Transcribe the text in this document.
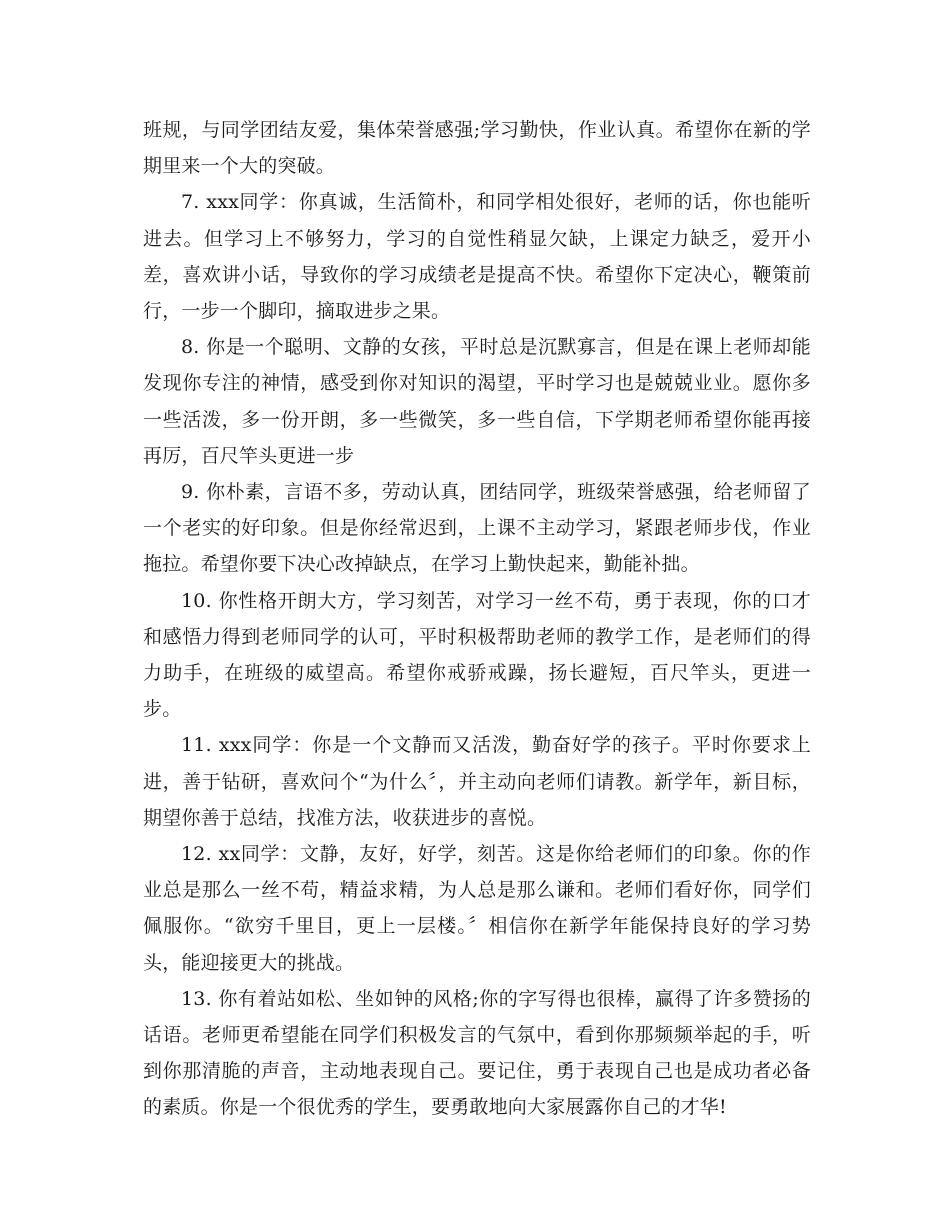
班规，与同学团结友爱，集体荣誉感强;学习勤快，作业认真。希望你在新的学期里来一个大的突破。

7. xxx同学：你真诚，生活简朴，和同学相处很好，老师的话，你也能听进去。但学习上不够努力，学习的自觉性稍显欠缺，上课定力缺乏，爱开小差，喜欢讲小话，导致你的学习成绩老是提高不快。希望你下定决心，鞭策前行，一步一个脚印，摘取进步之果。

8. 你是一个聪明、文静的女孩，平时总是沉默寡言，但是在课上老师却能发现你专注的神情，感受到你对知识的渴望，平时学习也是兢兢业业。愿你多一些活泼，多一份开朗，多一些微笑，多一些自信，下学期老师希望你能再接再厉，百尺竿头更进一步

9. 你朴素，言语不多，劳动认真，团结同学，班级荣誉感强，给老师留了一个老实的好印象。但是你经常迟到，上课不主动学习，紧跟老师步伐，作业拖拉。希望你要下决心改掉缺点，在学习上勤快起来，勤能补拙。

10. 你性格开朗大方，学习刻苦，对学习一丝不苟，勇于表现，你的口才和感悟力得到老师同学的认可，平时积极帮助老师的教学工作，是老师们的得力助手，在班级的威望高。希望你戒骄戒躁，扬长避短，百尺竿头，更进一步。

11. xxx同学：你是一个文静而又活泼，勤奋好学的孩子。平时你要求上进，善于钻研，喜欢问个“为什么〞，并主动向老师们请教。新学年，新目标，期望你善于总结，找准方法，收获进步的喜悦。

12. xx同学：文静，友好，好学，刻苦。这是你给老师们的印象。你的作业总是那么一丝不苟，精益求精，为人总是那么谦和。老师们看好你，同学们佩服你。“欲穷千里目，更上一层楼。〞相信你在新学年能保持良好的学习势头，能迎接更大的挑战。

13. 你有着站如松、坐如钟的风格;你的字写得也很棒，赢得了许多赞扬的话语。老师更希望能在同学们积极发言的气氛中，看到你那频频举起的手，听到你那清脆的声音，主动地表现自己。要记住，勇于表现自己也是成功者必备的素质。你是一个很优秀的学生，要勇敢地向大家展露你自己的才华!
